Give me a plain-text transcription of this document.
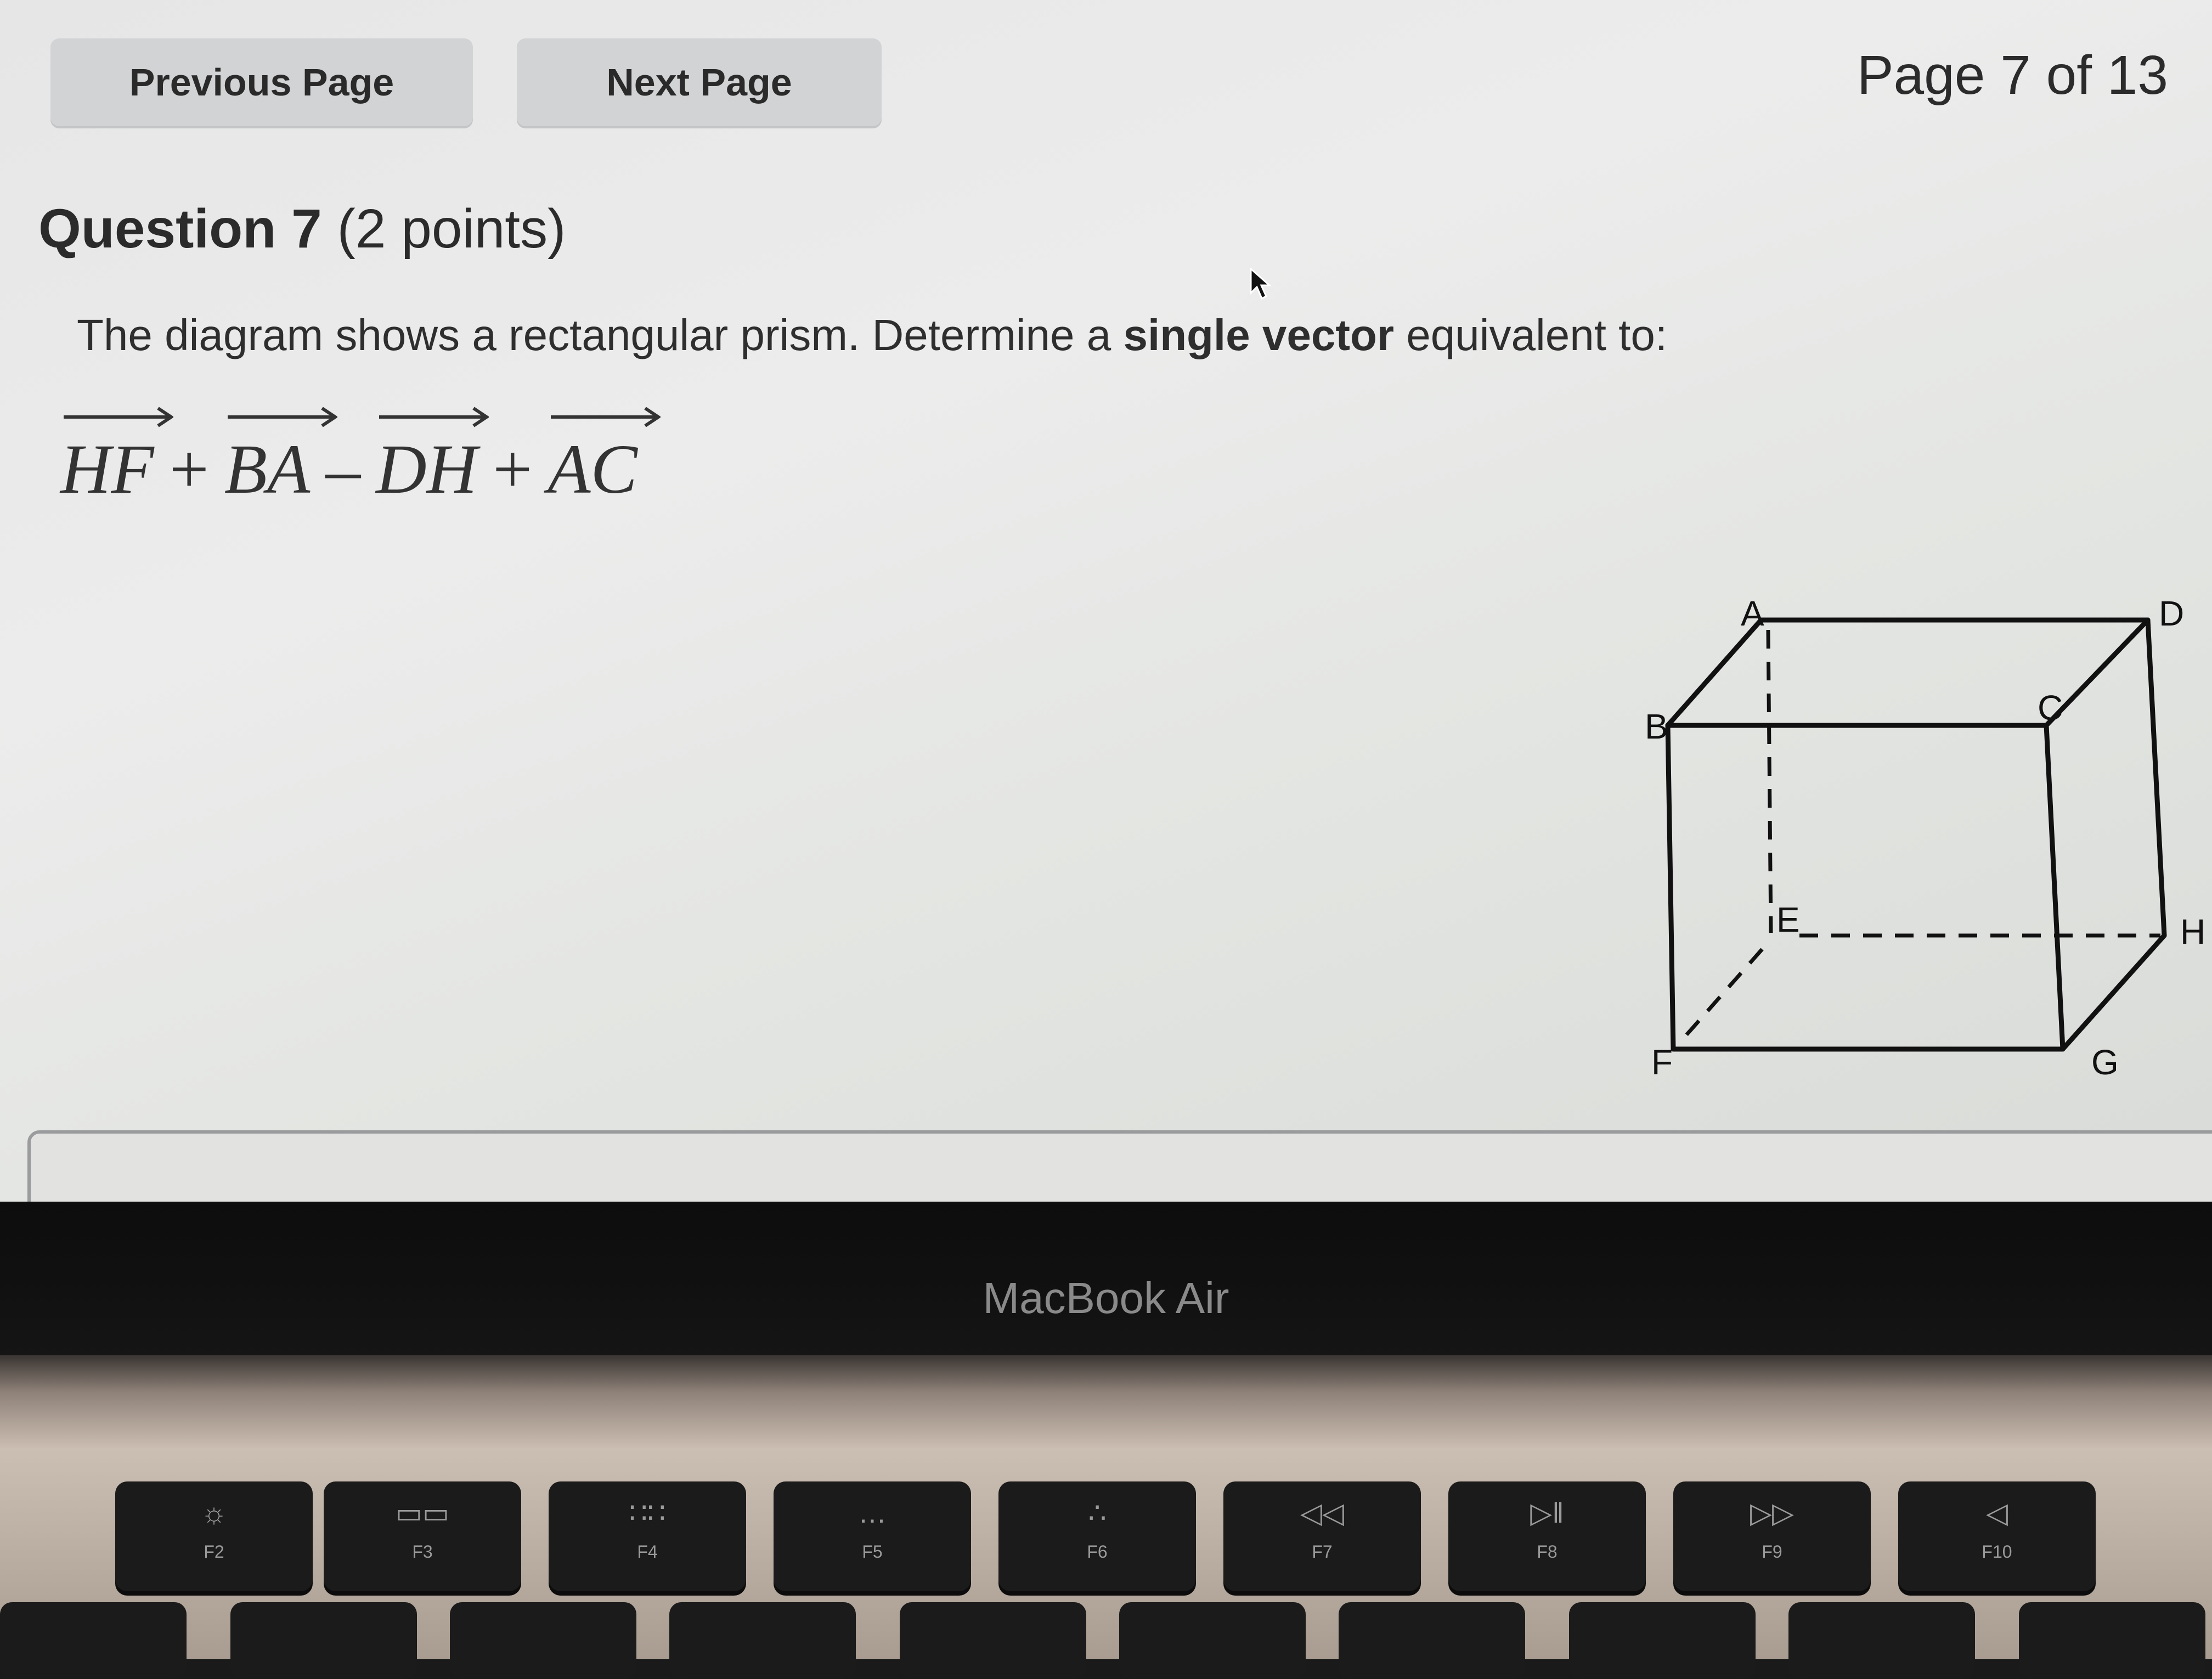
Previous Page	Next Page	Page 7 of 13
Question 7 (2 points)
The diagram shows a rectangular prism. Determine a single vector equivalent to:
HF + BA – DH + AC
A	D
B	C
E	H
F	G
MacBook Air
☼
F2
▭▭
F3
∷∷
F4
…
F5
∴
F6
◁◁
F7
▷‖
F8
▷▷
F9
◁
F10
